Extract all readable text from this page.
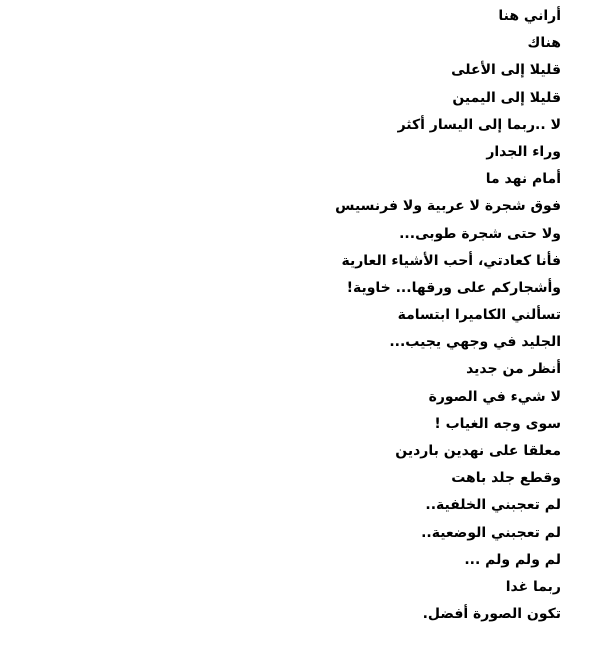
أراني هنا
هناك
قليلا إلى الأعلى
قليلا إلى اليمين
لا ..ربما إلى اليسار أكثر
وراء الجدار
أمام نهد ما
فوق شجرة لا عربية ولا فرنسيس
ولا حتى شجرة طوبى...
فأنا كعادتي، أحب الأشياء العارية
وأشجاركم على ورقها... خاوية!
تسألني الكاميرا ابتسامة
الجليد في وجهي يجيب...
أنظر من جديد
لا شيء في الصورة
سوى وجه الغياب !
معلقا على نهدين باردين
وقطع جلد باهت
لم تعجبني الخلفية..
لم تعجبني الوضعية..
لم ولم ولم ...
ربما غدا
تكون الصورة أفضل.
